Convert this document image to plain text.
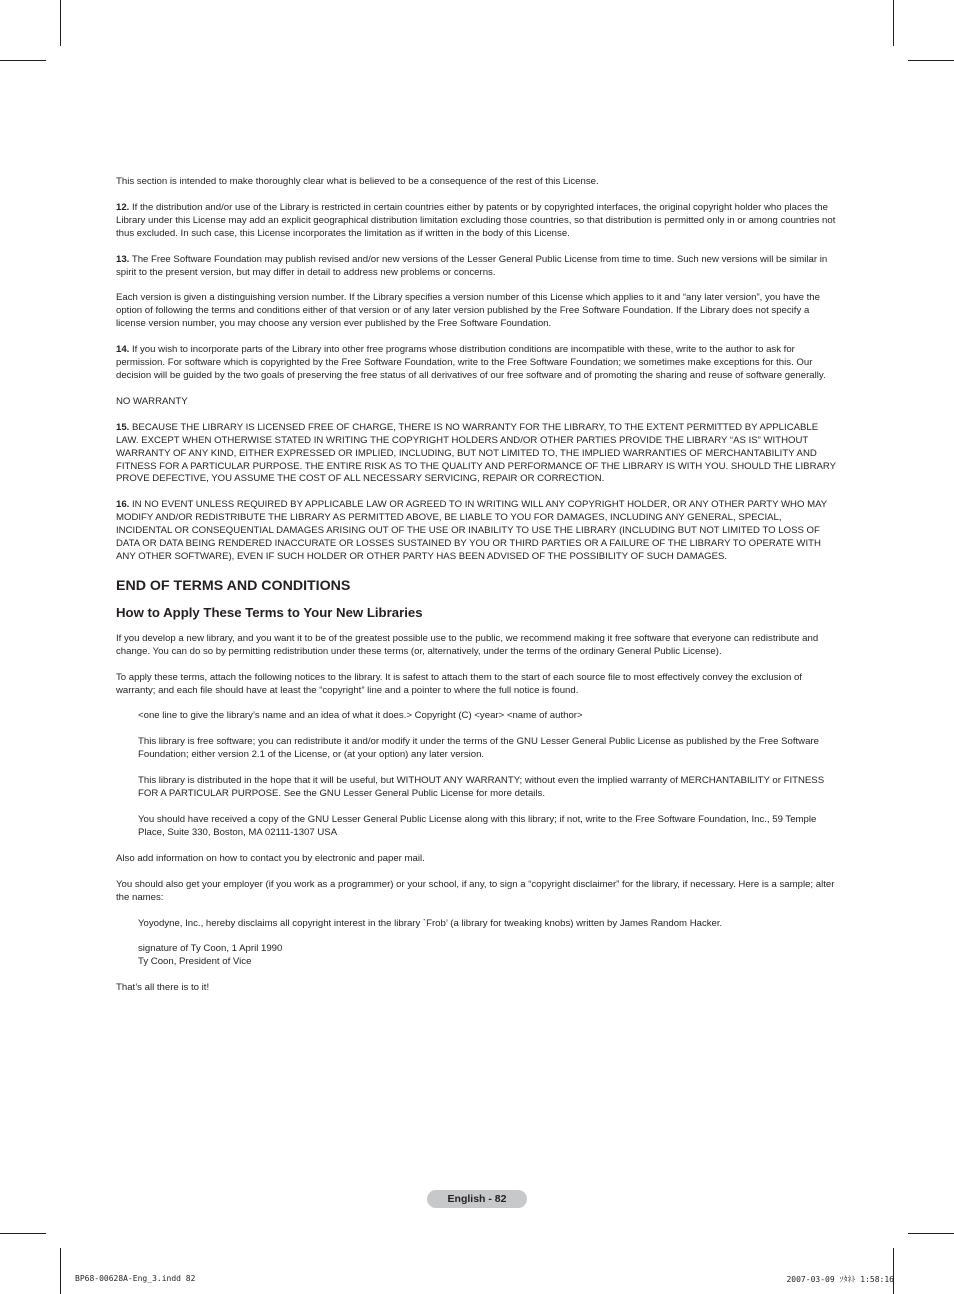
This section is intended to make thoroughly clear what is believed to be a consequence of the rest of this License.

12. If the distribution and/or use of the Library is restricted in certain countries either by patents or by copyrighted interfaces, the original copyright holder who places the Library under this License may add an explicit geographical distribution limitation excluding those countries, so that distribution is permitted only in or among countries not thus excluded. In such case, this License incorporates the limitation as if written in the body of this License.

13. The Free Software Foundation may publish revised and/or new versions of the Lesser General Public License from time to time. Such new versions will be similar in spirit to the present version, but may differ in detail to address new problems or concerns.

Each version is given a distinguishing version number. If the Library specifies a version number of this License which applies to it and “any later version”, you have the option of following the terms and conditions either of that version or of any later version published by the Free Software Foundation. If the Library does not specify a license version number, you may choose any version ever published by the Free Software Foundation.

14. If you wish to incorporate parts of the Library into other free programs whose distribution conditions are incompatible with these, write to the author to ask for permission. For software which is copyrighted by the Free Software Foundation, write to the Free Software Foundation; we sometimes make exceptions for this. Our decision will be guided by the two goals of preserving the free status of all derivatives of our free software and of promoting the sharing and reuse of software generally.

NO WARRANTY

15. BECAUSE THE LIBRARY IS LICENSED FREE OF CHARGE, THERE IS NO WARRANTY FOR THE LIBRARY, TO THE EXTENT PERMITTED BY APPLICABLE LAW. EXCEPT WHEN OTHERWISE STATED IN WRITING THE COPYRIGHT HOLDERS AND/OR OTHER PARTIES PROVIDE THE LIBRARY “AS IS” WITHOUT WARRANTY OF ANY KIND, EITHER EXPRESSED OR IMPLIED, INCLUDING, BUT NOT LIMITED TO, THE IMPLIED WARRANTIES OF MERCHANTABILITY AND FITNESS FOR A PARTICULAR PURPOSE. THE ENTIRE RISK AS TO THE QUALITY AND PERFORMANCE OF THE LIBRARY IS WITH YOU. SHOULD THE LIBRARY PROVE DEFECTIVE, YOU ASSUME THE COST OF ALL NECESSARY SERVICING, REPAIR OR CORRECTION.

16. IN NO EVENT UNLESS REQUIRED BY APPLICABLE LAW OR AGREED TO IN WRITING WILL ANY COPYRIGHT HOLDER, OR ANY OTHER PARTY WHO MAY MODIFY AND/OR REDISTRIBUTE THE LIBRARY AS PERMITTED ABOVE, BE LIABLE TO YOU FOR DAMAGES, INCLUDING ANY GENERAL, SPECIAL, INCIDENTAL OR CONSEQUENTIAL DAMAGES ARISING OUT OF THE USE OR INABILITY TO USE THE LIBRARY (INCLUDING BUT NOT LIMITED TO LOSS OF DATA OR DATA BEING RENDERED INACCURATE OR LOSSES SUSTAINED BY YOU OR THIRD PARTIES OR A FAILURE OF THE LIBRARY TO OPERATE WITH ANY OTHER SOFTWARE), EVEN IF SUCH HOLDER OR OTHER PARTY HAS BEEN ADVISED OF THE POSSIBILITY OF SUCH DAMAGES.

END OF TERMS AND CONDITIONS
How to Apply These Terms to Your New Libraries

If you develop a new library, and you want it to be of the greatest possible use to the public, we recommend making it free software that everyone can redistribute and change. You can do so by permitting redistribution under these terms (or, alternatively, under the terms of the ordinary General Public License).

To apply these terms, attach the following notices to the library. It is safest to attach them to the start of each source file to most effectively convey the exclusion of warranty; and each file should have at least the “copyright” line and a pointer to where the full notice is found.

<one line to give the library’s name and an idea of what it does.> Copyright (C) <year> <name of author>

This library is free software; you can redistribute it and/or modify it under the terms of the GNU Lesser General Public License as published by the Free Software Foundation; either version 2.1 of the License, or (at your option) any later version.

This library is distributed in the hope that it will be useful, but WITHOUT ANY WARRANTY; without even the implied warranty of MERCHANTABILITY or FITNESS FOR A PARTICULAR PURPOSE. See the GNU Lesser General Public License for more details.

You should have received a copy of the GNU Lesser General Public License along with this library; if not, write to the Free Software Foundation, Inc., 59 Temple Place, Suite 330, Boston, MA 02111-1307 USA

Also add information on how to contact you by electronic and paper mail.

You should also get your employer (if you work as a programmer) or your school, if any, to sign a “copyright disclaimer” for the library, if necessary. Here is a sample; alter the names:

Yoyodyne, Inc., hereby disclaims all copyright interest in the library `Frob’ (a library for tweaking knobs) written by James Random Hacker.

signature of Ty Coon, 1 April 1990

Ty Coon, President of Vice

That’s all there is to it!

English - 82
BP68-00628A-Eng_3.indd 82	2007-03-09 ｿﾀﾈﾄ 1:58:16
